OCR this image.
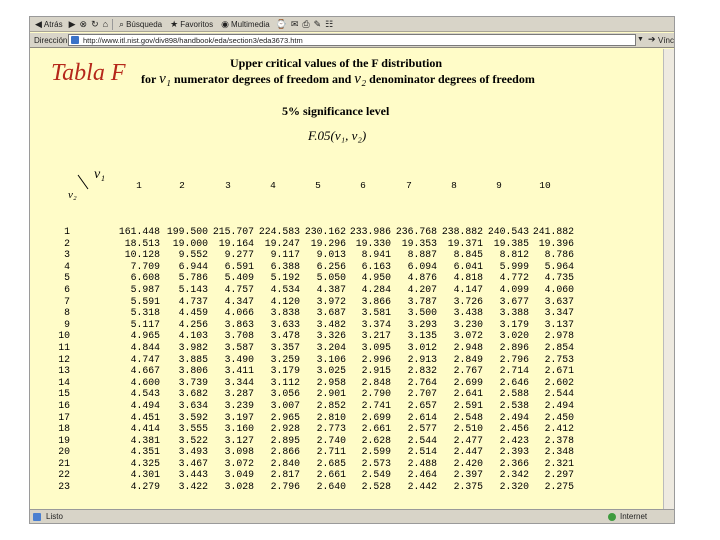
◀ Atrás ▶ ⊗ ↻ ⌂ ⌕ Búsqueda ★ Favoritos ◉ Multimedia ⌚ ✉ ⎙ ✎ ☷
Dirección
http://www.itl.nist.gov/div898/handbook/eda/section3/eda3673.htm	▼ ➔ Vínc
Tabla F	Upper critical values of the F distribution
for ν₁ numerator degrees of freedom and ν₂ denominator degrees of freedom
5% significance level
F.05(ν₁, ν₂)
ν₁
ν₂
1	2	3	4	5	6	7	8	9	10
1	161.448 199.500 215.707 224.583 230.162 233.986 236.768 238.882 240.543 241.882
2	18.513	19.000	19.164	19.247	19.296 19.330	19.353	19.371	19.385 19.396
3	10.128	9.552	9.277	9.117	9.013	8.941	8.887	8.845	8.812	8.786
4	7.709	6.944	6.591	6.388	6.256	6.163	6.094	6.041	5.999	5.964
5	6.608	5.786	5.409	5.192	5.050	4.950	4.876	4.818	4.772	4.735
6	5.987	5.143	4.757	4.534	4.387	4.284	4.207	4.147	4.099	4.060
7	5.591	4.737	4.347	4.120	3.972	3.866	3.787	3.726	3.677	3.637
8	5.318	4.459	4.066	3.838	3.687	3.581	3.500	3.438	3.388	3.347
9	5.117	4.256	3.863	3.633	3.482	3.374	3.293	3.230	3.179	3.137
10	4.965	4.103	3.708	3.478	3.326	3.217	3.135	3.072	3.020	2.978
11	4.844	3.982	3.587	3.357	3.204	3.095	3.012	2.948	2.896	2.854
12	4.747	3.885	3.490	3.259	3.106	2.996	2.913	2.849	2.796	2.753
13	4.667	3.806	3.411	3.179	3.025	2.915	2.832	2.767	2.714	2.671
14	4.600	3.739	3.344	3.112	2.958	2.848	2.764	2.699	2.646	2.602
15	4.543	3.682	3.287	3.056	2.901	2.790	2.707	2.641	2.588	2.544
16	4.494	3.634	3.239	3.007	2.852	2.741	2.657	2.591	2.538	2.494
17	4.451	3.592	3.197	2.965	2.810	2.699	2.614	2.548	2.494	2.450
18	4.414	3.555	3.160	2.928	2.773	2.661	2.577	2.510	2.456	2.412
19	4.381	3.522	3.127	2.895	2.740	2.628	2.544	2.477	2.423	2.378
20	4.351	3.493	3.098	2.866	2.711	2.599	2.514	2.447	2.393	2.348
21	4.325	3.467	3.072	2.840	2.685	2.573	2.488	2.420	2.366	2.321
22	4.301	3.443	3.049	2.817	2.661	2.549	2.464	2.397	2.342	2.297
23	4.279	3.422	3.028	2.796	2.640	2.528	2.442	2.375	2.320	2.275
Listo	Internet
